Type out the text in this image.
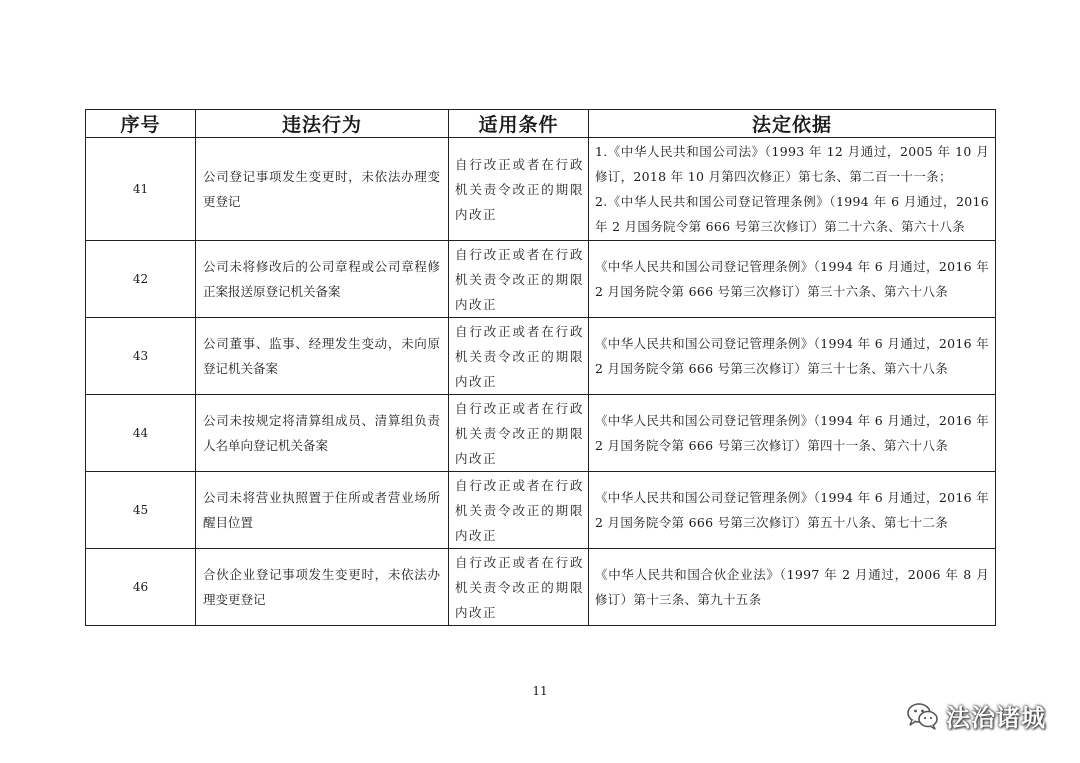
序号	违法行为	适用条件	法定依据
41	公司登记事项发生变更时，未依法办理变更登记	自行改正或者在行政机关责令改正的期限内改正	1.《中华人民共和国公司法》（1993 年 12 月通过，2005 年 10 月修订，2018 年 10 月第四次修正）第七条、第二百一十一条；
2.《中华人民共和国公司登记管理条例》（1994 年 6 月通过，2016 年 2 月国务院令第 666 号第三次修订）第二十六条、第六十八条

42	公司未将修改后的公司章程或公司章程修正案报送原登记机关备案	自行改正或者在行政机关责令改正的期限内改正	《中华人民共和国公司登记管理条例》（1994 年 6 月通过，2016 年 2 月国务院令第 666 号第三次修订）第三十六条、第六十八条

43	公司董事、监事、经理发生变动，未向原登记机关备案	自行改正或者在行政机关责令改正的期限内改正	《中华人民共和国公司登记管理条例》（1994 年 6 月通过，2016 年 2 月国务院令第 666 号第三次修订）第三十七条、第六十八条

44	公司未按规定将清算组成员、清算组负责人名单向登记机关备案	自行改正或者在行政机关责令改正的期限内改正	《中华人民共和国公司登记管理条例》（1994 年 6 月通过，2016 年 2 月国务院令第 666 号第三次修订）第四十一条、第六十八条

45	公司未将营业执照置于住所或者营业场所醒目位置	自行改正或者在行政机关责令改正的期限内改正	《中华人民共和国公司登记管理条例》（1994 年 6 月通过，2016 年 2 月国务院令第 666 号第三次修订）第五十八条、第七十二条

46	合伙企业登记事项发生变更时，未依法办理变更登记	自行改正或者在行政机关责令改正的期限内改正	《中华人民共和国合伙企业法》（1997 年 2 月通过，2006 年 8 月修订）第十三条、第九十五条
11
法治诸城
